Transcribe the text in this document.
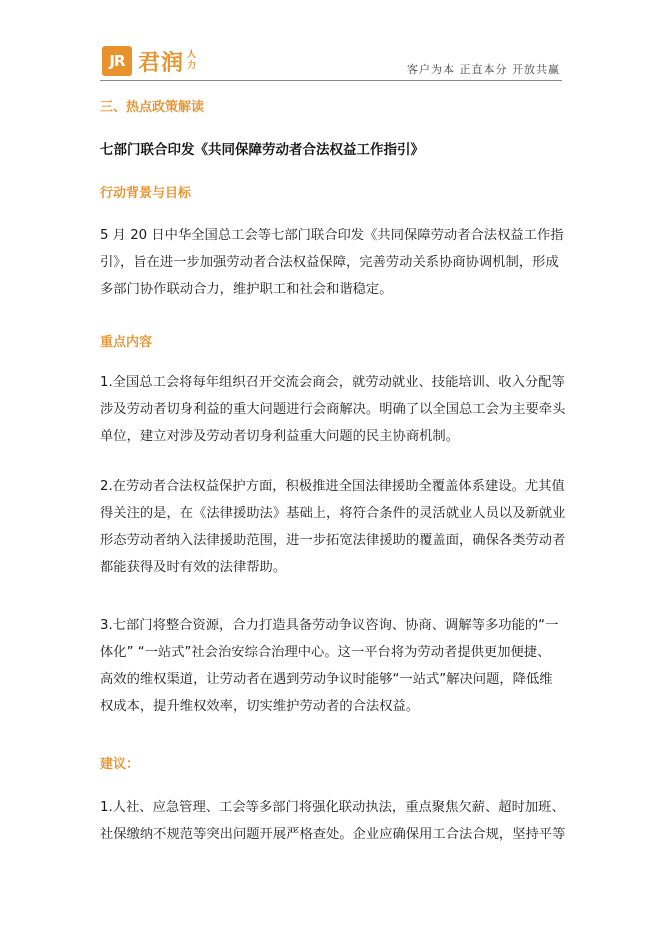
JR 君润 人
力	客户为本 正直本分 开放共赢
三、热点政策解读
七部门联合印发《共同保障劳动者合法权益工作指引》
行动背景与目标
5 月 20 日中华全国总工会等七部门联合印发《共同保障劳动者合法权益工作指
引》，旨在进一步加强劳动者合法权益保障，完善劳动关系协商协调机制，形成
多部门协作联动合力，维护职工和社会和谐稳定。
重点内容
1.全国总工会将每年组织召开交流会商会，就劳动就业、技能培训、收入分配等
涉及劳动者切身利益的重大问题进行会商解决。明确了以全国总工会为主要牵头
单位，建立对涉及劳动者切身利益重大问题的民主协商机制。
2.在劳动者合法权益保护方面，积极推进全国法律援助全覆盖体系建设。尤其值
得关注的是，在《法律援助法》基础上，将符合条件的灵活就业人员以及新就业
形态劳动者纳入法律援助范围，进一步拓宽法律援助的覆盖面，确保各类劳动者
都能获得及时有效的法律帮助。
3.七部门将整合资源，合力打造具备劳动争议咨询、协商、调解等多功能的“一
体化” “一站式”社会治安综合治理中心。这一平台将为劳动者提供更加便捷、
高效的维权渠道，让劳动者在遇到劳动争议时能够“一站式”解决问题，降低维
权成本，提升维权效率，切实维护劳动者的合法权益。
建议：
1.人社、应急管理、工会等多部门将强化联动执法，重点聚焦欠薪、超时加班、
社保缴纳不规范等突出问题开展严格查处。企业应确保用工合法合规，坚持平等
